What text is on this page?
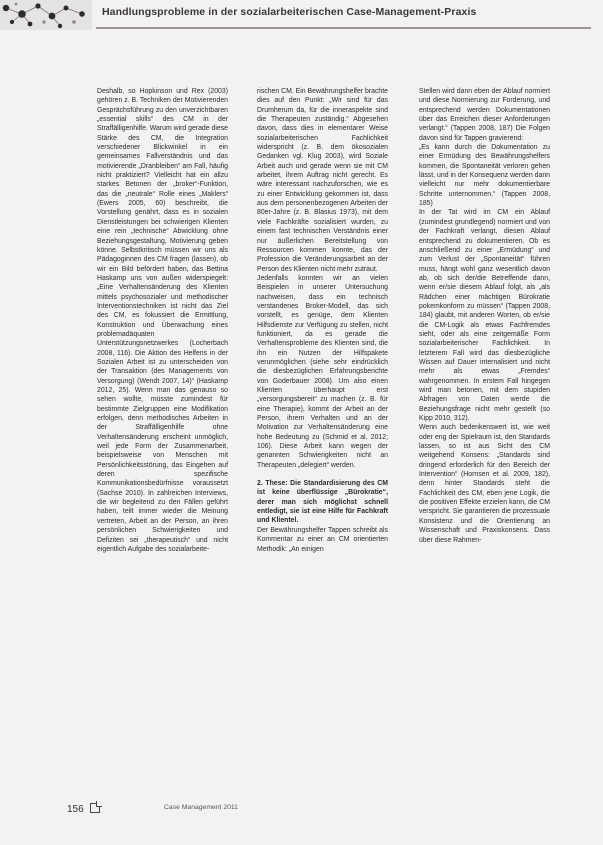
Handlungsprobleme in der sozialarbeiterischen Case-Management-Praxis

Deshalb, so Hopkinson und Rex (2003) gehören z. B. Techniken der Motivierenden Gesprächsführung zu den unverzichtbaren „essential skills“ des CM in der Straffälligenhilfe. Warum wird gerade diese Stärke des CM, die Integration verschiedener Blickwinkel in ein gemeinsames Fallverständnis und das motivierende „Dranbleiben“ am Fall, häufig nicht praktiziert? Vielleicht hat ein allzu starkes Betonen der „broker“-Funktion, das die „neutrale“ Rolle eines „Maklers“ (Ewers 2005, 60) beschreibt, die Vorstellung genährt, dass es in sozialen Dienstleistungen bei schwierigen Klienten eine rein „technische“ Abwicklung ohne Beziehungsgestaltung, Motivierung geben könne. Selbstkritisch müssen wir uns als Pädagoginnen des CM fragen (lassen), ob wir ein Bild befördert haben, das Bettina Haskamp uns von außen widerspiegelt: „Eine Verhaltensänderung des Klienten mittels psychosozialer und methodischer Interventionstechniken ist nicht das Ziel des CM, es fokussiert die Ermittlung, Konstruktion und Überwachung eines problemadäquaten Unterstützungsnetzwerkes (Locherbach 2008, 116). Die Aktion des Helfens in der Sozialen Arbeit ist zu unterscheiden von der Transaktion (des Managements von Versorgung) (Wendt 2007, 14)“ (Haskamp 2012, 25). Wenn man das genauso so sehen wollte, müsste zumindest für bestimmte Zielgruppen eine Modifikation erfolgen, denn methodisches Arbeiten in der Straffälligenhilfe ohne Verhaltensänderung erscheint unmöglich, weil jede Form der Zusammenarbeit, beispielsweise von Menschen mit Persönlichkeitsstörung, das Eingehen auf deren spezifische Kommunikationsbedürfnisse voraussetzt (Sachse 2010). In zahlreichen Interviews, die wir begleitend zu den Fällen geführt haben, teilt immer wieder die Meinung vertreten, Arbeit an der Person, an ihren persönlichen Schwierigkeiten und Defiziten sei „therapeutisch“ und nicht eigentlich Aufgabe des sozialarbeite-

rischen CM. Ein Bewährungshelfer brachte dies auf den Punkt: „Wir sind für das Drumherum da, für die inneraspekte sind die Therapeuten zuständig.“ Abgesehen davon, dass dies in elementarer Weise sozialarbeiterischen Fachlichkeit widerspricht (z. B. dem ökosozialen Gedanken vgl. Klug 2003), wird Soziale Arbeit auch und gerade wenn sie mit CM arbeitet, ihrem Auftrag nicht gerecht. Es wäre interessant nachzuforschen, wie es zu einer Entwicklung gekommen ist, dass aus dem personenbezogenen Arbeiten der 80er-Jahre (z. B. Blasius 1973), mit dem viele Fachkräfte sozialisiert wurden, zu einem fast technischen Verständnis einer nur äußerlichen Bereitstellung von Ressourcen kommen konnte, das der Profession die Veränderungsarbeit an der Person des Klienten nicht mehr zutraut.

Jedenfalls konnten wir an vielen Beispielen in unserer Untersuchung nachweisen, dass ein technisch verstandenes Broker-Modell, das sich vorstellt, es genüge, dem Klienten Hilfsdienste zur Verfügung zu stellen, nicht funktioniert, da es gerade die Verhaltensprobleme des Klienten sind, die ihn ein Nutzen der Hilfspakete verunmöglichen (siehe sehr eindrücklich die diesbezüglichen Erfahrungsberichte von Goderbauer 2008). Um also einen Klienten überhaupt erst „versorgungsbereit“ zu machen (z. B. für eine Therapie), kommt der Arbeit an der Person, ihrem Verhalten und an der Motivation zur Verhaltensänderung eine hohe Bedeutung zu (Schmid et al. 2012; 106). Diese Arbeit kann wegen der genannten Schwierigkeiten nicht an Therapeuten „delegiert“ werden.

2. These: Die Standardisierung des CM ist keine überflüssige „Bürokratie“, derer man sich möglichst schnell entledigt, sie ist eine Hilfe für Fachkraft und Klientel.

Der Bewährungshelfer Tappen schreibt als Kommentar zu einer an CM orientierten Methodik: „An einigen

Stellen wird dann eben der Ablauf normiert und diese Normierung zur Forderung, und entsprechend werden Dokumentationen über das Erreichen dieser Anforderungen verlangt.“ (Tappen 2008, 187) Die Folgen davon sind für Tappen gravierend:

„Es kann durch die Dokumentation zu einer Ermüdung des Bewährungshelfers kommen, die Spontaneität verloren gehen lässt, und in der Konsequenz werden dann vielleicht nur mehr dokumentierbare Schritte unternommen.“ (Tappen 2008, 185)

In der Tat wird im CM ein Ablauf (zumindest grundlegend) normiert und von der Fachkraft verlangt, diesen Ablauf entsprechend zu dokumentieren. Ob es anschließend zu einer „Ermüdung“ und zum Verlust der „Spontaneität“ führen muss, hängt wohl ganz wesentlich davon ab, ob sich der/die Betreffende dann, wenn er/sie diesem Ablauf folgt, als „als Rädchen einer mächtigen Bürokratie pokemkonform zu müssen“ (Tappen 2008, 184) glaubt, mit anderen Worten, ob er/sie die CM-Logik als etwas Fachfremdes sieht, oder als eine zeitgemäße Form sozialarbeiterischer Fachlichkeit. In letzterem Fall wird das diesbezügliche Wissen auf Dauer internalisiert und nicht mehr als etwas „Fremdes“ wahrgenommen. In erstem Fall hingegen wird man betonen, mit dem stupiden Abfragen von Daten werde die Beziehungsfrage nicht mehr gestellt (so Kipp 2010, 312).

Wenn auch bedenkenswert ist, wie weit oder eng der Spielraum ist, den Standards lassen, so ist aus Sicht des CM weitgehend Konsens: „Standards sind dringend erforderlich für den Bereich der Intervention“ (Hornsen et al. 2009, 182), denn hinter Standards steht die Fachlichkeit des CM, eben jene Logik, die die positiven Effekte erzielen kann, die CM verspricht. Sie garantieren die prozessuale Konsistenz und die Orientierung an Wissenschaft und Praxiskonsens. Dass über diese Rahmen-

156	Case Management 2011
